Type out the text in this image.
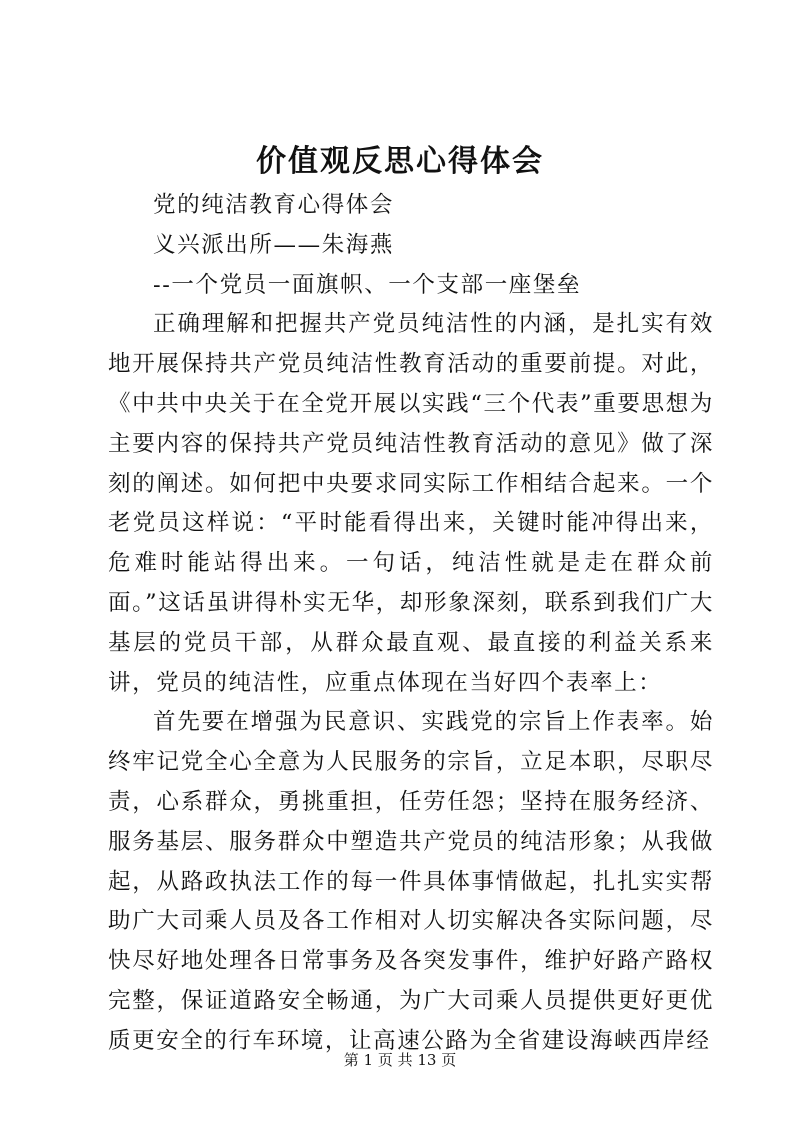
价值观反思心得体会

党的纯洁教育心得体会

义兴派出所——朱海燕

--一个党员一面旗帜、一个支部一座堡垒

正确理解和把握共产党员纯洁性的内涵，是扎实有效地开展保持共产党员纯洁性教育活动的重要前提。对此，《中共中央关于在全党开展以实践“三个代表”重要思想为主要内容的保持共产党员纯洁性教育活动的意见》做了深刻的阐述。如何把中央要求同实际工作相结合起来。一个老党员这样说：“平时能看得出来，关键时能冲得出来，危难时能站得出来。一句话，纯洁性就是走在群众前面。”这话虽讲得朴实无华，却形象深刻，联系到我们广大基层的党员干部，从群众最直观、最直接的利益关系来讲，党员的纯洁性，应重点体现在当好四个表率上：

首先要在增强为民意识、实践党的宗旨上作表率。始终牢记党全心全意为人民服务的宗旨，立足本职，尽职尽责，心系群众，勇挑重担，任劳任怨；坚持在服务经济、服务基层、服务群众中塑造共产党员的纯洁形象；从我做起，从路政执法工作的每一件具体事情做起，扎扎实实帮助广大司乘人员及各工作相对人切实解决各实际问题，尽快尽好地处理各日常事务及各突发事件，维护好路产路权完整，保证道路安全畅通，为广大司乘人员提供更好更优质更安全的行车环境，让高速公路为全省建设海峡西岸经

第 1 页 共 13 页
